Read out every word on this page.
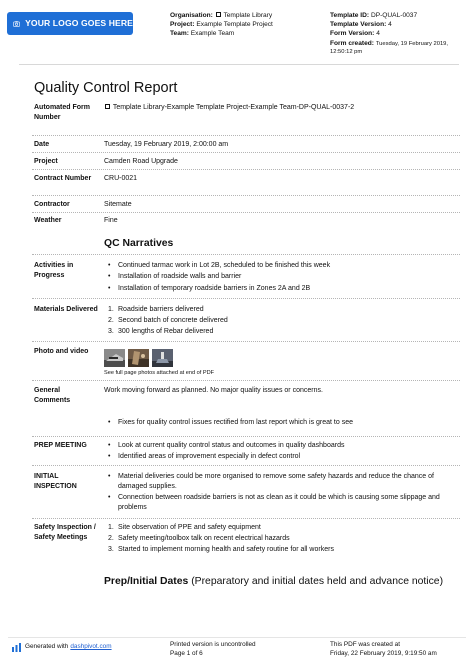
YOUR LOGO GOES HERE
Organisation: Template Library
Project: Example Template Project
Team: Example Team
Template ID: DP-QUAL-0037
Template Version: 4
Form Version: 4
Form created: Tuesday, 19 February 2019,
12:50:12 pm
Quality Control Report
Automated Form Number
Template Library-Example Template Project-Example Team-DP-QUAL-0037-2
Date	Tuesday, 19 February 2019, 2:00:00 am
Project	Camden Road Upgrade
Contract Number	CRU-0021
Contractor	Sitemate
Weather	Fine
QC Narratives
Activities in Progress
• Continued tarmac work in Lot 2B, scheduled to be finished this week
• Installation of roadside walls and barrier
• Installation of temporary roadside barriers in Zones 2A and 2B
Materials Delivered 1. Roadside barriers delivered
2. Second batch of concrete delivered
3. 300 lengths of Rebar delivered
Photo and video
See full page photos attached at end of PDF
General Comments
Work moving forward as planned. No major quality issues or concerns.
• Fixes for quality control issues rectified from last report which is great to see
PREP MEETING
•	Look at current quality control status and outcomes in quality dashboards
• Identified areas of improvement especially in defect control
INITIAL INSPECTION
• Material deliveries could be more organised to remove some safety hazards and reduce the chance of damaged supplies.
• Connection between roadside barriers is not as clean as it could be which is causing some slippage and problems
Safety Inspection / Safety Meetings
1. Site observation of PPE and safety equipment
2. Safety meeting/toolbox talk on recent electrical hazards
3. Started to implement morning health and safety routine for all workers
Prep/Initial Dates (Preparatory and initial dates held and advance notice)
Generated with dashpivot.com	Printed version is uncontrolled
Page 1 of 6
This PDF was created at
Friday, 22 February 2019, 9:19:50 am
